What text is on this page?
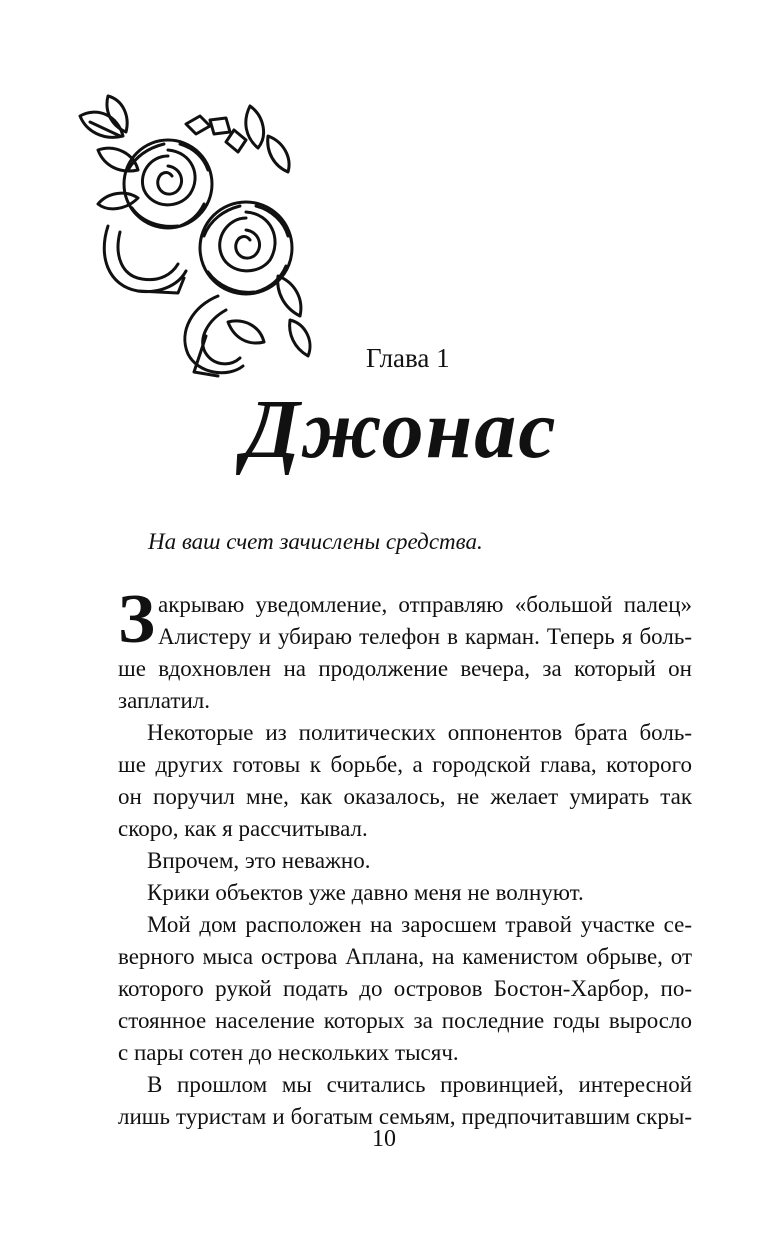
Глава 1
Джонас
На ваш счет зачислены средства.
З акрываю уведомление, отправляю «большой палец»
Алистеру и убираю телефон в карман. Теперь я боль-
ше вдохновлен на продолжение вечера, за который он
заплатил.
Некоторые из политических оппонентов брата боль-
ше других готовы к борьбе, а городской глава, которого
он поручил мне, как оказалось, не желает умирать так
скоро, как я рассчитывал.
Впрочем, это неважно.
Крики объектов уже давно меня не волнуют.
Мой дом расположен на заросшем травой участке се-
верного мыса острова Аплана, на каменистом обрыве, от
которого рукой подать до островов Бостон-Харбор, по-
стоянное население которых за последние годы выросло
с пары сотен до нескольких тысяч.
В прошлом мы считались провинцией, интересной
лишь туристам и богатым семьям, предпочитавшим скры-
10
